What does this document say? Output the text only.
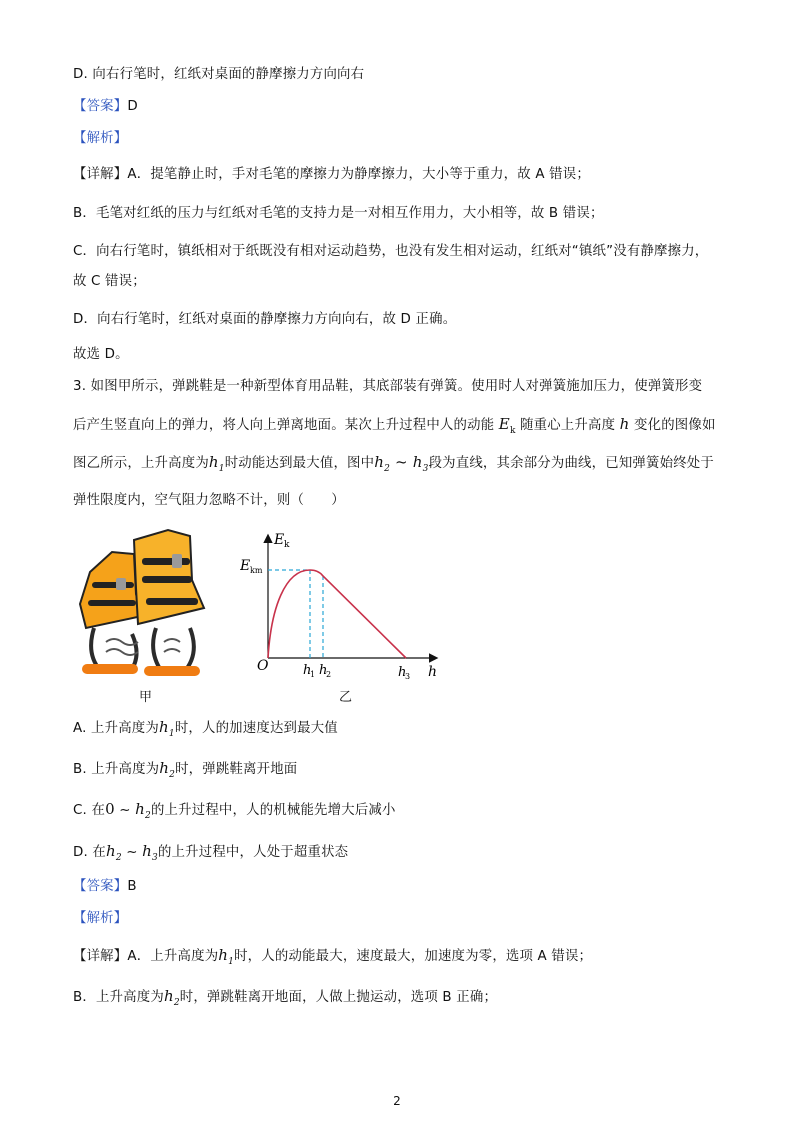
D. 向右行笔时，红纸对桌面的静摩擦力方向向右
【答案】D
【解析】
【详解】A．提笔静止时，手对毛笔的摩擦力为静摩擦力，大小等于重力，故 A 错误；
B．毛笔对红纸的压力与红纸对毛笔的支持力是一对相互作用力，大小相等，故 B 错误；
C．向右行笔时，镇纸相对于纸既没有相对运动趋势，也没有发生相对运动，红纸对“镇纸”没有静摩擦力，
故 C 错误；
D．向右行笔时，红纸对桌面的静摩擦力方向向右，故 D 正确。
故选 D。
3. 如图甲所示，弹跳鞋是一种新型体育用品鞋，其底部装有弹簧。使用时人对弹簧施加压力，使弹簧形变
后产生竖直向上的弹力，将人向上弹离地面。某次上升过程中人的动能 $E_k$ 随重心上升高度 h 变化的图像如
图乙所示，上升高度为$h_1$时动能达到最大值，图中$h_2$ ~ $h_3$段为直线，其余部分为曲线，已知弹簧始终处于
弹性限度内，空气阻力忽略不计，则（　　）
甲
E k
E km
O	h
h
1 h
2	h
3
乙
A. 上升高度为$h_1$时，人的加速度达到最大值
B. 上升高度为$h_2$时，弹跳鞋离开地面
C. 在0 ~ $h_2$的上升过程中，人的机械能先增大后减小
D. 在$h_2$ ~ $h_3$的上升过程中，人处于超重状态
【答案】B
【解析】
【详解】A．上升高度为$h_1$时，人的动能最大，速度最大，加速度为零，选项 A 错误；
B．上升高度为$h_2$时，弹跳鞋离开地面，人做上抛运动，选项 B 正确；
2
